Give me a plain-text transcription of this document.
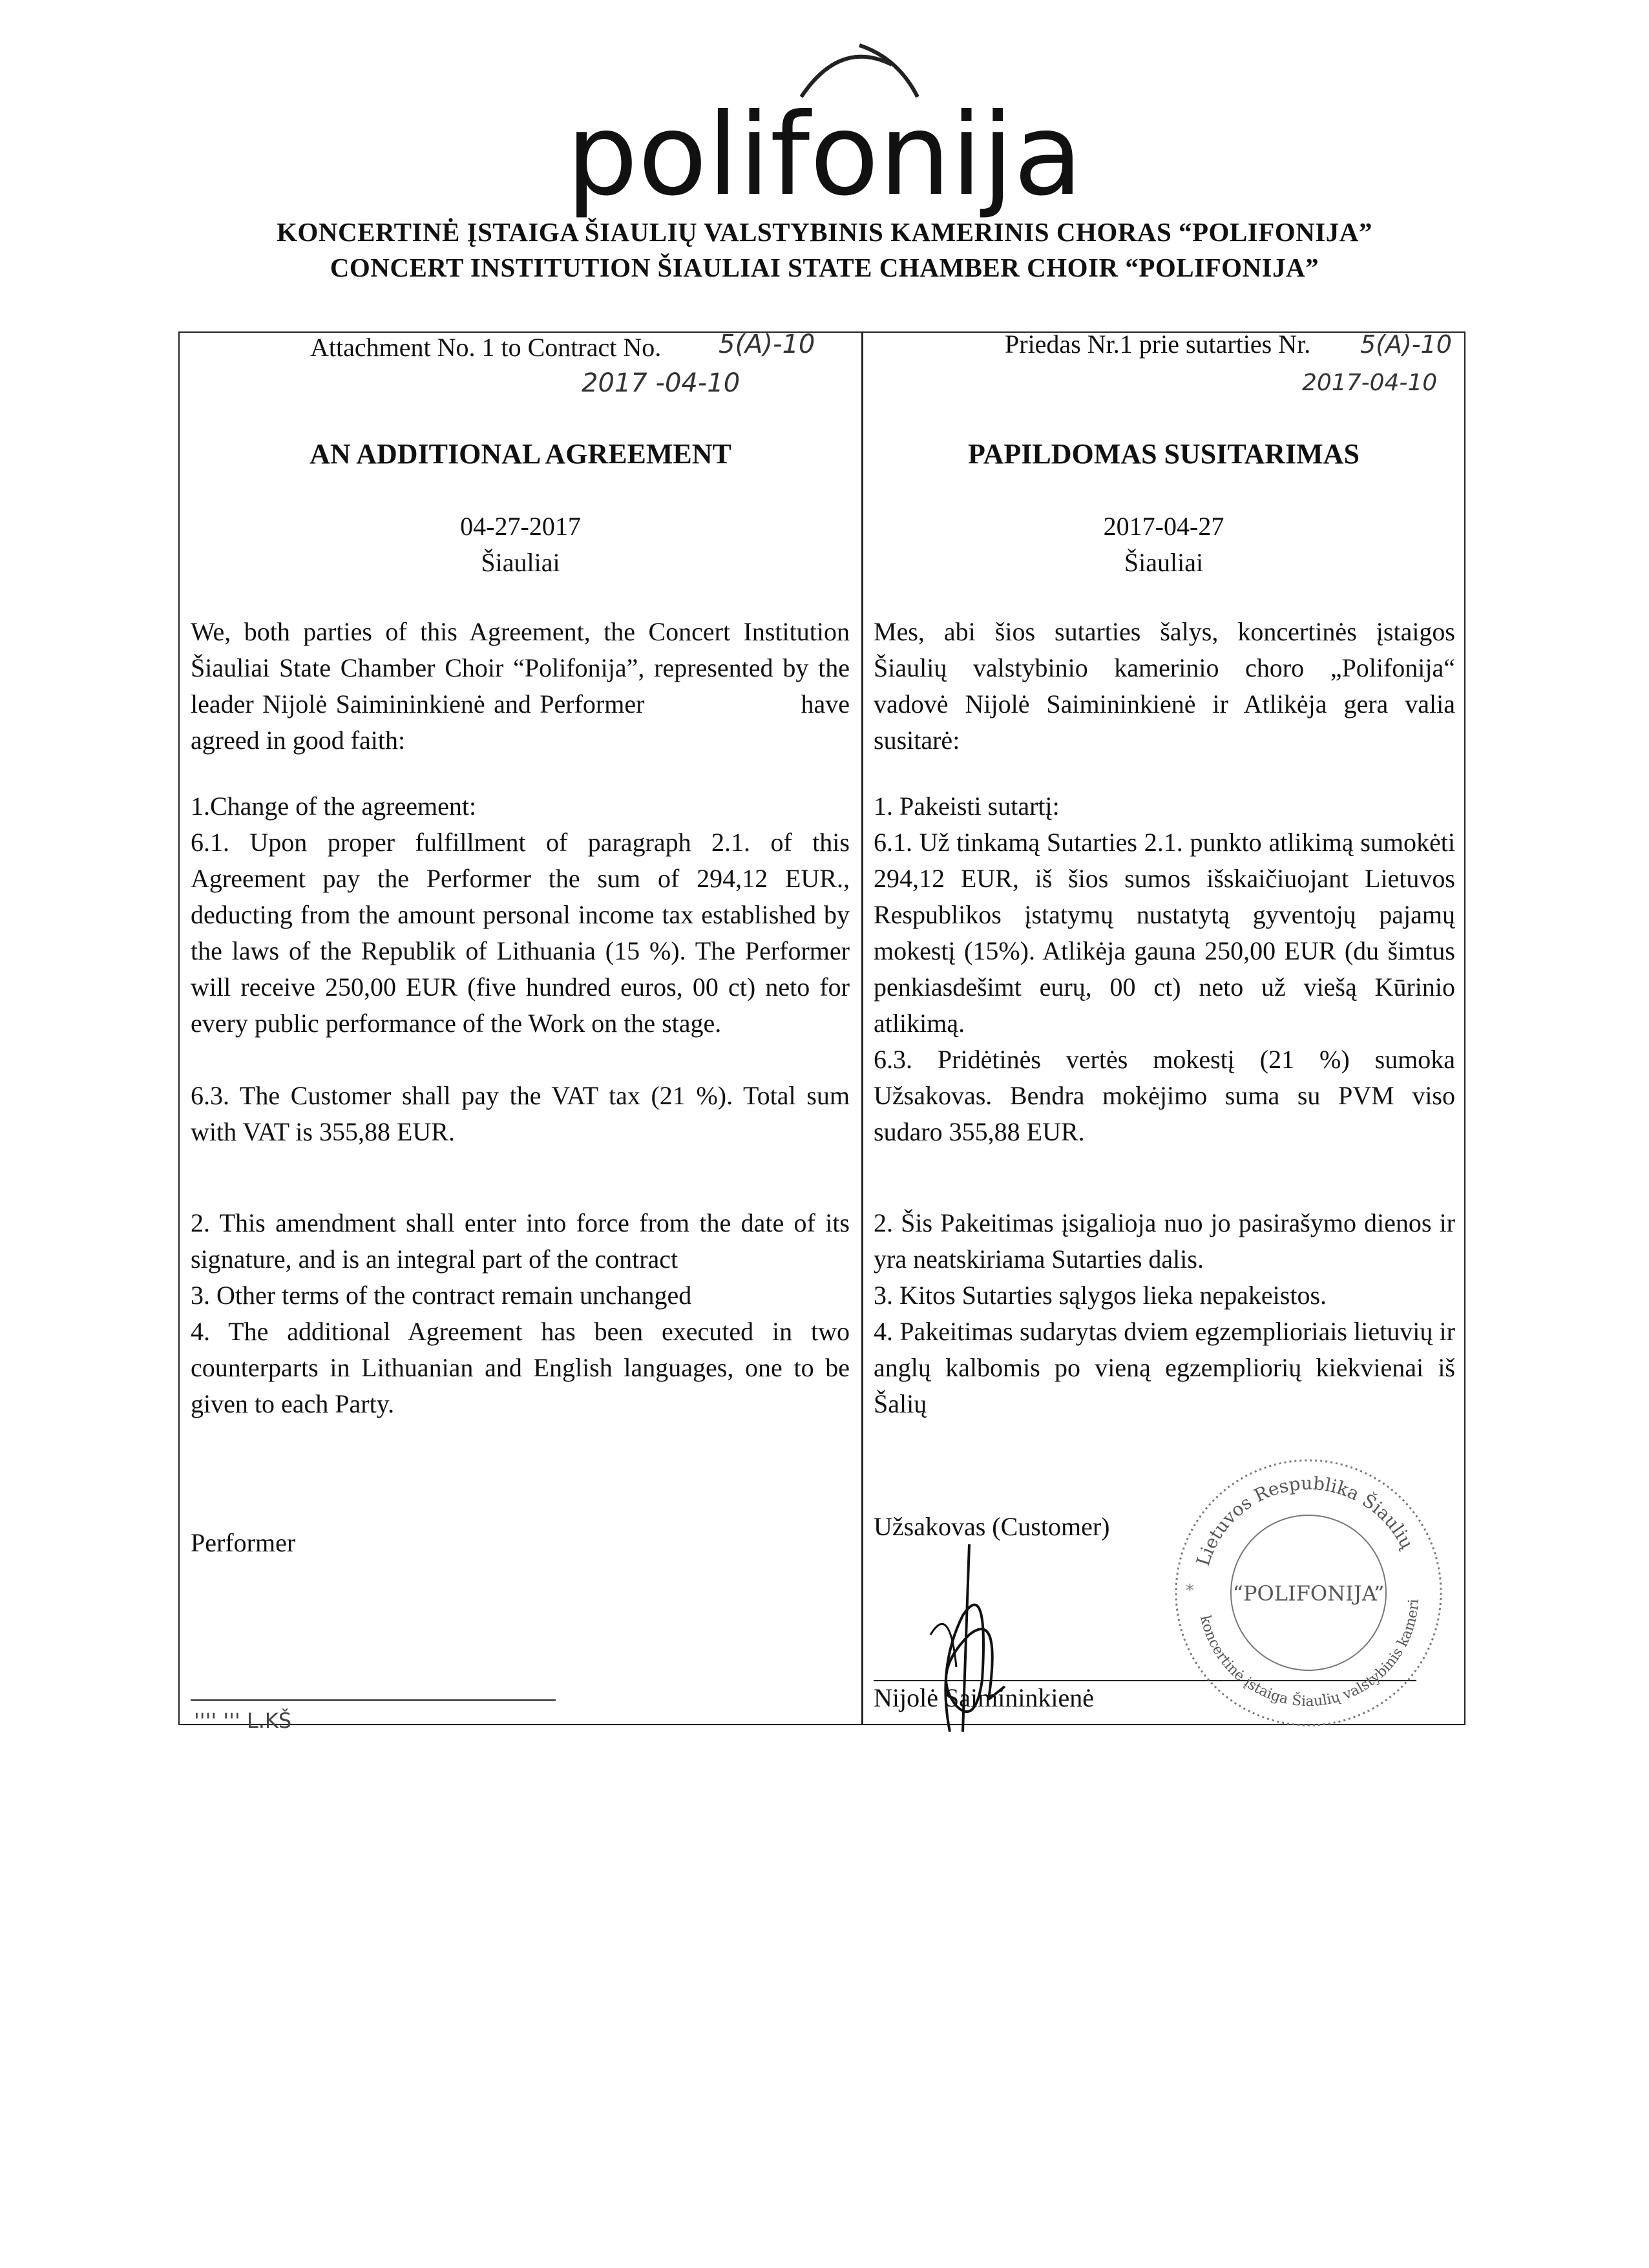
polifonija
KONCERTINĖ ĮSTAIGA ŠIAULIŲ VALSTYBINIS KAMERINIS CHORAS “POLIFONIJA”
CONCERT INSTITUTION ŠIAULIAI STATE CHAMBER CHOIR “POLIFONIJA”
Attachment No. 1 to Contract No.	5(A)-10
2017 -04-10
AN ADDITIONAL AGREEMENT
04-27-2017
Šiauliai
We, both parties of this Agreement, the Concert Institution Šiauliai State Chamber Choir “Polifonija”, represented by the leader Nijolė Saimininkienė and Performer                  have agreed in good faith:
1.Change of the agreement:
6.1. Upon proper fulfillment of paragraph 2.1. of this Agreement pay the Performer the sum of 294,12 EUR., deducting from the amount personal income tax established by the laws of the Republik of Lithuania (15 %). The Performer will receive 250,00 EUR (five hundred euros, 00 ct) neto for every public performance of the Work on the stage.
6.3. The Customer shall pay the VAT tax (21 %). Total sum with VAT is 355,88 EUR.
2. This amendment shall enter into force from the date of its signature, and is an integral part of the contract
3. Other terms of the contract remain unchanged
4. The additional Agreement has been executed in two counterparts in Lithuanian and English languages, one to be given to each Party.
Performer
'''' ''' L.KŠ
Priedas Nr.1 prie sutarties Nr.	5(A)-10
2017-04-10
PAPILDOMAS SUSITARIMAS
2017-04-27
Šiauliai
Mes, abi šios sutarties šalys, koncertinės įstaigos Šiaulių valstybinio kamerinio choro „Polifonija“ vadovė Nijolė Saimininkienė ir Atlikėja gera valia susitarė:
1. Pakeisti sutartį:
6.1. Už tinkamą Sutarties 2.1. punkto atlikimą sumokėti 294,12 EUR, iš šios sumos išskaičiuojant Lietuvos Respublikos įstatymų nustatytą gyventojų pajamų mokestį (15%). Atlikėja gauna 250,00 EUR (du šimtus penkiasdešimt eurų, 00 ct) neto už viešą Kūrinio atlikimą.
6.3. Pridėtinės vertės mokestį (21 %) sumoka Užsakovas. Bendra mokėjimo suma su PVM viso sudaro 355,88 EUR.
2. Šis Pakeitimas įsigalioja nuo jo pasirašymo dienos ir yra neatskiriama Sutarties dalis.
3. Kitos Sutarties sąlygos lieka nepakeistos.
4. Pakeitimas sudarytas dviem egzemplioriais lietuvių ir anglų kalbomis po vieną egzempliorių kiekvienai iš Šalių
Užsakovas (Customer)
Nijolė Saimininkienė
Lietuvos Respublika Šiaulių
“POLIFONIJA”
koncertinė įstaiga Šiaulių valstybinis kameri
*
